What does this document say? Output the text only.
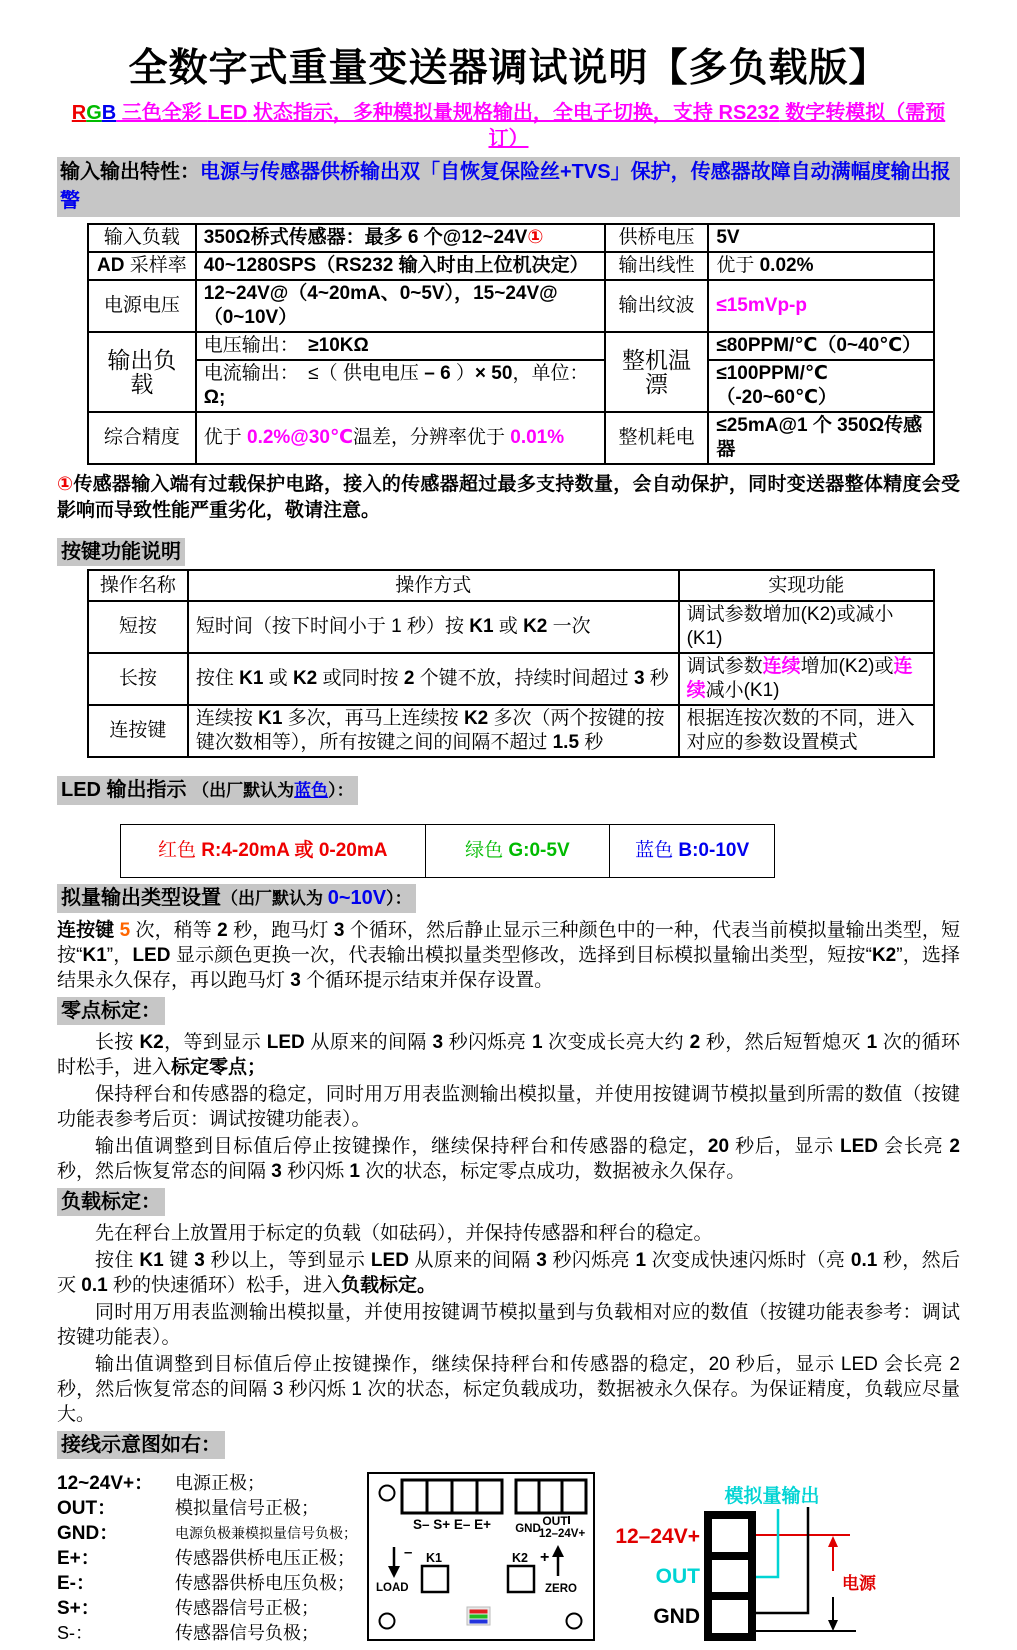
全数字式重量变送器调试说明【多负载版】
RGB 三色全彩 LED 状态指示，多种模拟量规格输出，全电子切换，支持 RS232 数字转模拟（需预订）
输入输出特性：电源与传感器供桥输出双「自恢复保险丝+TVS」保护，传感器故障自动满幅度输出报警
输入负载	350Ω桥式传感器：最多 6 个@12~24V①	供桥电压	5V
AD 采样率	40~1280SPS（RS232 输入时由上位机决定）	输出线性	优于 0.02%
电源电压	12~24V@（4~20mA、0~5V），15~24V@（0~10V）	输出纹波	≤15mVp-p
输出负载	电压输出：　≥10KΩ	整机温漂	≤80PPM/℃（0~40℃）
	电流输出：　≤（ 供电电压 – 6 ）× 50，单位：Ω;		≤100PPM/℃（-20~60℃）
综合精度	优于 0.2%@30℃温差，分辨率优于 0.01%	整机耗电	≤25mA@1 个 350Ω传感器
①传感器输入端有过载保护电路，接入的传感器超过最多支持数量，会自动保护，同时变送器整体精度会受影响而导致性能严重劣化，敬请注意。
按键功能说明

操作名称	操作方式	实现功能
短按	短时间（按下时间小于 1 秒）按 K1 或 K2 一次	调试参数增加(K2)或减小(K1)
长按	按住 K1 或 K2 或同时按 2 个键不放，持续时间超过 3 秒	调试参数连续增加(K2)或连续减小(K1)
连按键	连续按 K1 多次，再马上连续按 K2 多次（两个按键的按键次数相等），所有按键之间的间隔不超过 1.5 秒	根据连按次数的不同，进入对应的参数设置模式
LED 输出指示 （出厂默认为蓝色）：
红色 R:4-20mA 或 0-20mA	绿色 G:0-5V	蓝色 B:0-10V
拟量输出类型设置（出厂默认为 0~10V）：
连按键 5 次，稍等 2 秒，跑马灯 3 个循环，然后静止显示三种颜色中的一种，代表当前模拟量输出类型，短按“K1”，LED 显示颜色更换一次，代表输出模拟量类型修改，选择到目标模拟量输出类型，短按“K2”，选择结果永久保存，再以跑马灯 3 个循环提示结束并保存设置。
零点标定：
长按 K2，等到显示 LED 从原来的间隔 3 秒闪烁亮 1 次变成长亮大约 2 秒，然后短暂熄灭 1 次的循环时松手，进入标定零点；
保持秤台和传感器的稳定，同时用万用表监测输出模拟量，并使用按键调节模拟量到所需的数值（按键功能表参考后页：调试按键功能表）。
输出值调整到目标值后停止按键操作，继续保持秤台和传感器的稳定，20 秒后，显示 LED 会长亮 2 秒，然后恢复常态的间隔 3 秒闪烁 1 次的状态，标定零点成功，数据被永久保存。
负载标定：
先在秤台上放置用于标定的负载（如砝码），并保持传感器和秤台的稳定。
按住 K1 键 3 秒以上，等到显示 LED 从原来的间隔 3 秒闪烁亮 1 次变成快速闪烁时（亮 0.1 秒，然后灭 0.1 秒的快速循环）松手，进入负载标定。
同时用万用表监测输出模拟量，并使用按键调节模拟量到与负载相对应的数值（按键功能表参考：调试按键功能表）。
输出值调整到目标值后停止按键操作，继续保持秤台和传感器的稳定，20 秒后，显示 LED 会长亮 2 秒，然后恢复常态的间隔 3 秒闪烁 1 次的状态，标定负载成功，数据被永久保存。为保证精度，负载应尽量大。
接线示意图如右：
12~24V+：	电源正极；
OUT：	模拟量信号正极；
GND：	电源负极兼模拟量信号负极；
E+：	传感器供桥电压正极；
E-：	传感器供桥电压负极；
S+：	传感器信号正极；
S-：	传感器信号负极；
S– S+ E– E+ GND
OUT
12–24V+
–
LOAD
K1	K2 +
ZERO
模拟量输出
12–24V+
OUT
GND
电源
